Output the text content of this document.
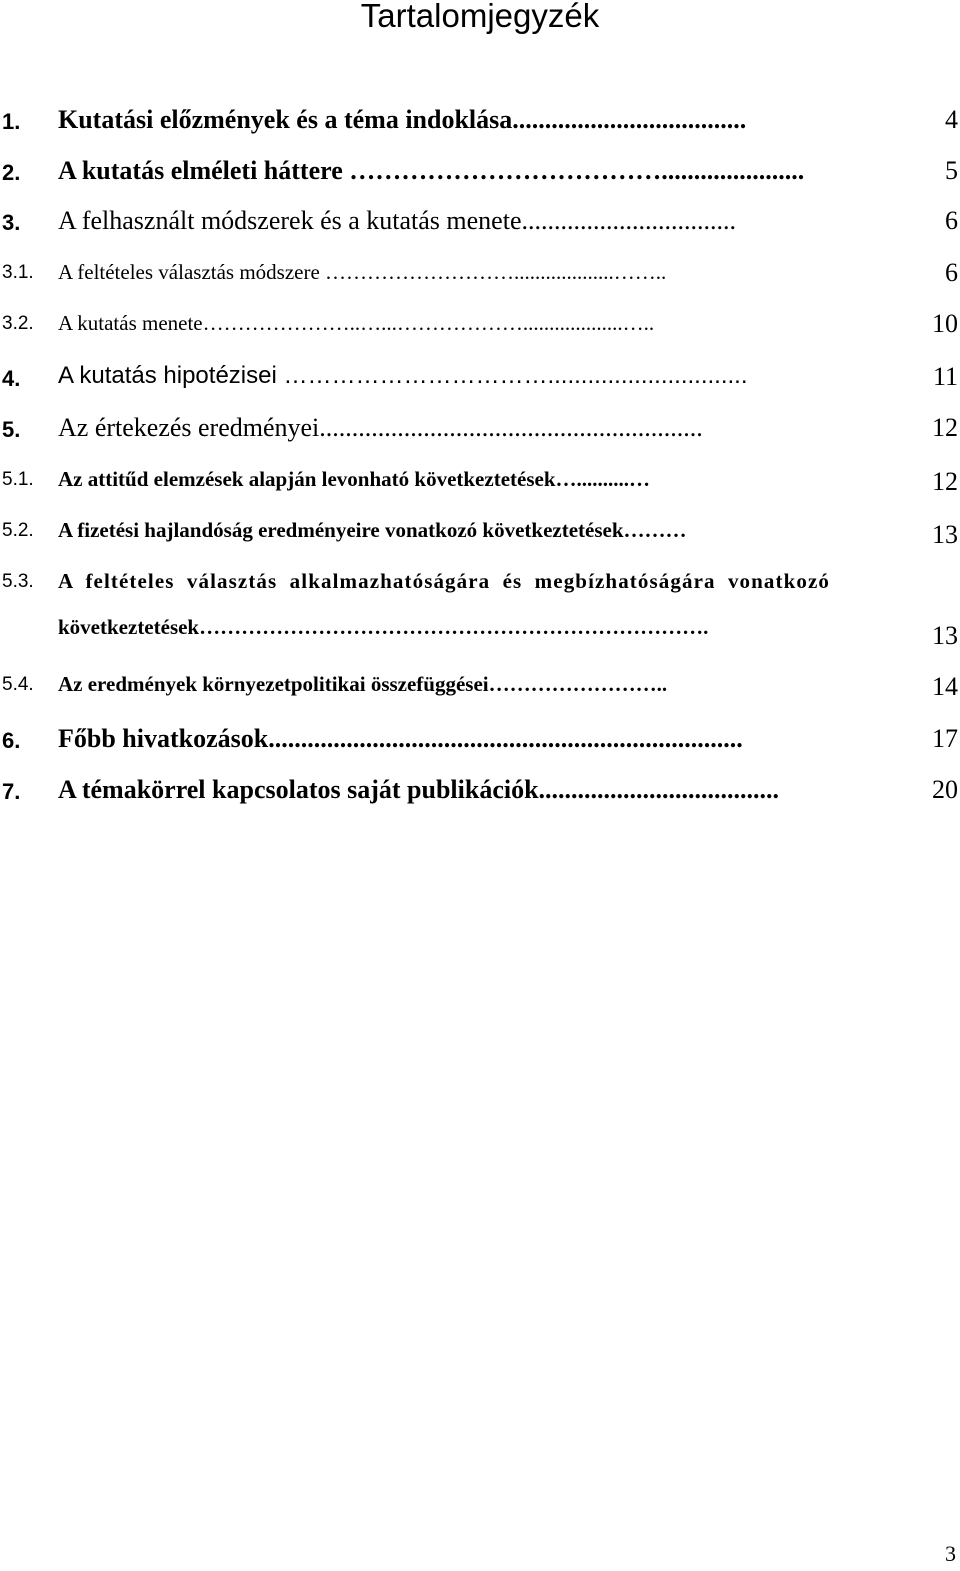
Tartalomjegyzék
1. Kutatási előzmények és a téma indoklása....................................	4
2. A kutatás elméleti háttere ………………………………......................	5
3. A felhasznált módszerek és a kutatás menete.................................	6
3.1. A feltételes választás módszere ………………………...................……..	6
3.2. A kutatás menete…………………..…...………………...................…..	10
4. A kutatás hipotézisei ……………………………..............................	11
5. Az értekezés eredményei...........................................................	12
5.1. Az attitűd elemzések alapján levonható következtetések…..........…	12
5.2. A fizetési hajlandóság eredményeire vonatkozó következtetések………	13
5.3. A feltételes választás alkalmazhatóságára és megbízhatóságára vonatkozó
következtetések……………………………………………………………….	13
5.4. Az eredmények környezetpolitikai összefüggései……………………..	14
6. Főbb hivatkozások.........................................................................	17
7. A témakörrel kapcsolatos saját publikációk.....................................	20
3
